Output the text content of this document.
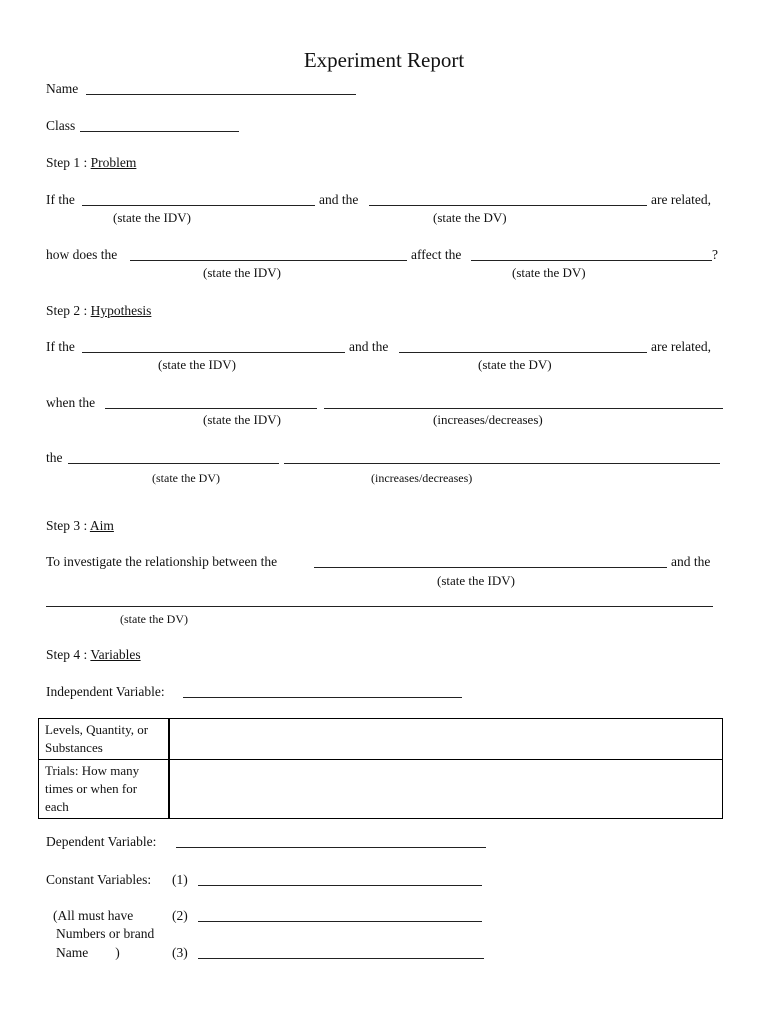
Experiment Report
Name
Class
Step 1 : Problem
If the	and the	are related,
(state the IDV)	(state the DV)
how does the	affect the	?
(state the IDV)	(state the DV)
Step 2 : Hypothesis
If the	and the	are related,
(state the IDV)	(state the DV)
when the
(state the IDV)	(increases/decreases)
the
(state the DV)	(increases/decreases)
Step 3 : Aim
To investigate the relationship between the	and the
(state the IDV)
(state the DV)
Step 4 : Variables
Independent Variable:
Levels, Quantity, or Substances	
Trials: How many times or when for each	
Dependent Variable:
Constant Variables: (1)
(All must have
Numbers or brand
Name        )
(2)
(3)
